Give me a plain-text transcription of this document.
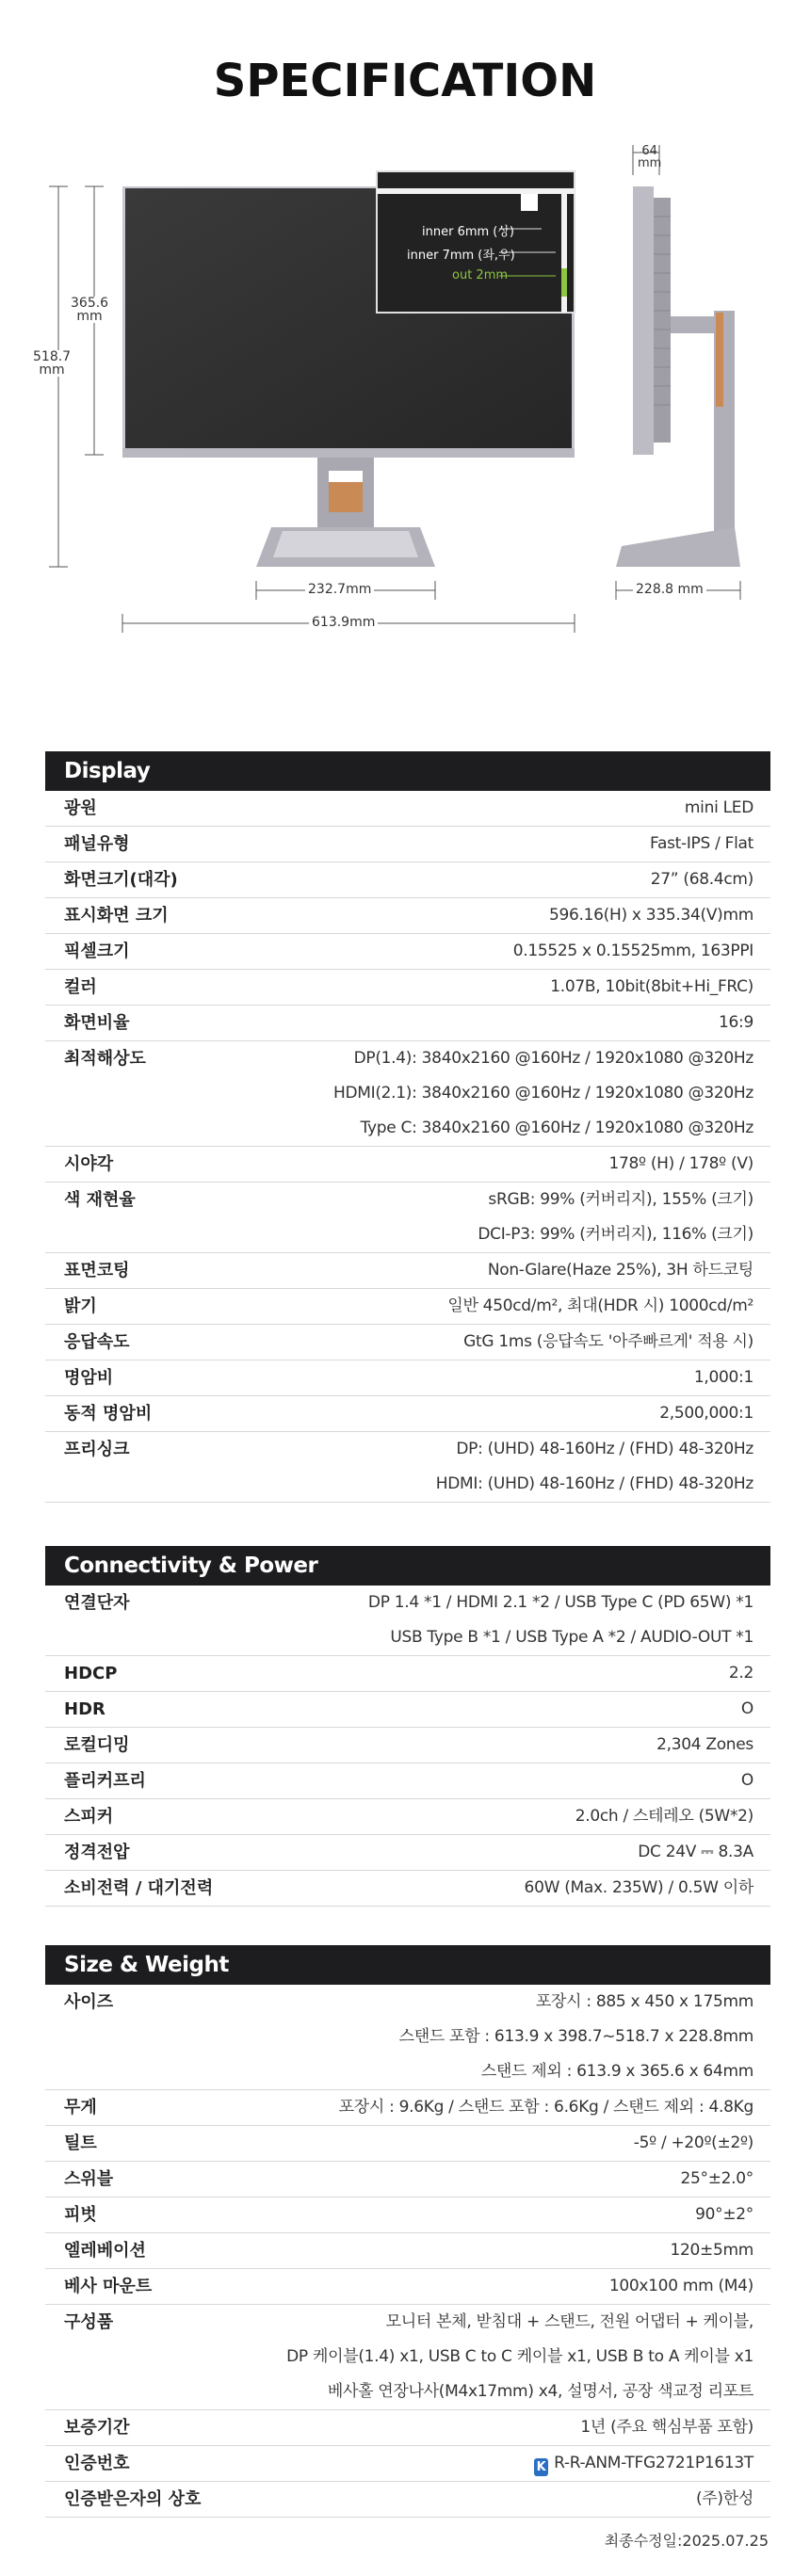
SPECIFICATION
518.7
mm
365.6
mm
232.7mm
613.9mm
64
mm
228.8 mm
inner 6mm (상)
inner 7mm (좌,우)
out 2mm
Display
광원	mini LED
패널유형	Fast-IPS / Flat
화면크기(대각)	27” (68.4cm)
표시화면 크기	596.16(H) x 335.34(V)mm
픽셀크기	0.15525 x 0.15525mm, 163PPI
컬러	1.07B, 10bit(8bit+Hi_FRC)
화면비율	16:9
최적해상도	DP(1.4): 3840x2160 @160Hz / 1920x1080 @320Hz
HDMI(2.1): 3840x2160 @160Hz / 1920x1080 @320Hz
Type C: 3840x2160 @160Hz / 1920x1080 @320Hz
시야각	178º (H) / 178º (V)
색 재현율	sRGB: 99% (커버리지), 155% (크기)
DCI-P3: 99% (커버리지), 116% (크기)
표면코팅	Non-Glare(Haze 25%), 3H 하드코팅
밝기	일반 450cd/m², 최대(HDR 시) 1000cd/m²
응답속도	GtG 1ms (응답속도 '아주빠르게' 적용 시)
명암비	1,000:1
동적 명암비	2,500,000:1
프리싱크	DP: (UHD) 48-160Hz / (FHD) 48-320Hz
HDMI: (UHD) 48-160Hz / (FHD) 48-320Hz
Connectivity & Power
연결단자	DP 1.4 *1 / HDMI 2.1 *2 / USB Type C (PD 65W) *1
USB Type B *1 / USB Type A *2 / AUDIO-OUT *1
HDCP	2.2
HDR	O
로컬디밍	2,304 Zones
플리커프리	O
스피커	2.0ch / 스테레오 (5W*2)
정격전압	DC 24V ⎓ 8.3A
소비전력 / 대기전력	60W (Max. 235W) / 0.5W 이하
Size & Weight
사이즈	포장시 : 885 x 450 x 175mm
스탠드 포함 : 613.9 x 398.7~518.7 x 228.8mm
스탠드 제외 : 613.9 x 365.6 x 64mm
무게	포장시 : 9.6Kg / 스탠드 포함 : 6.6Kg / 스탠드 제외 : 4.8Kg
틸트	-5º / +20º(±2º)
스위블	25°±2.0°
피벗	90°±2°
엘레베이션	120±5mm
베사 마운트	100x100 mm (M4)
구성품	모니터 본체, 받침대 + 스탠드, 전원 어댑터 + 케이블,
DP 케이블(1.4) x1, USB C to C 케이블 x1, USB B to A 케이블 x1
베사홀 연장나사(M4x17mm) x4, 설명서, 공장 색교정 리포트
보증기간	1년 (주요 핵심부품 포함)
인증번호	K R-R-ANM-TFG2721P1613T
인증받은자의 상호	(주)한성
최종수정일:2025.07.25
